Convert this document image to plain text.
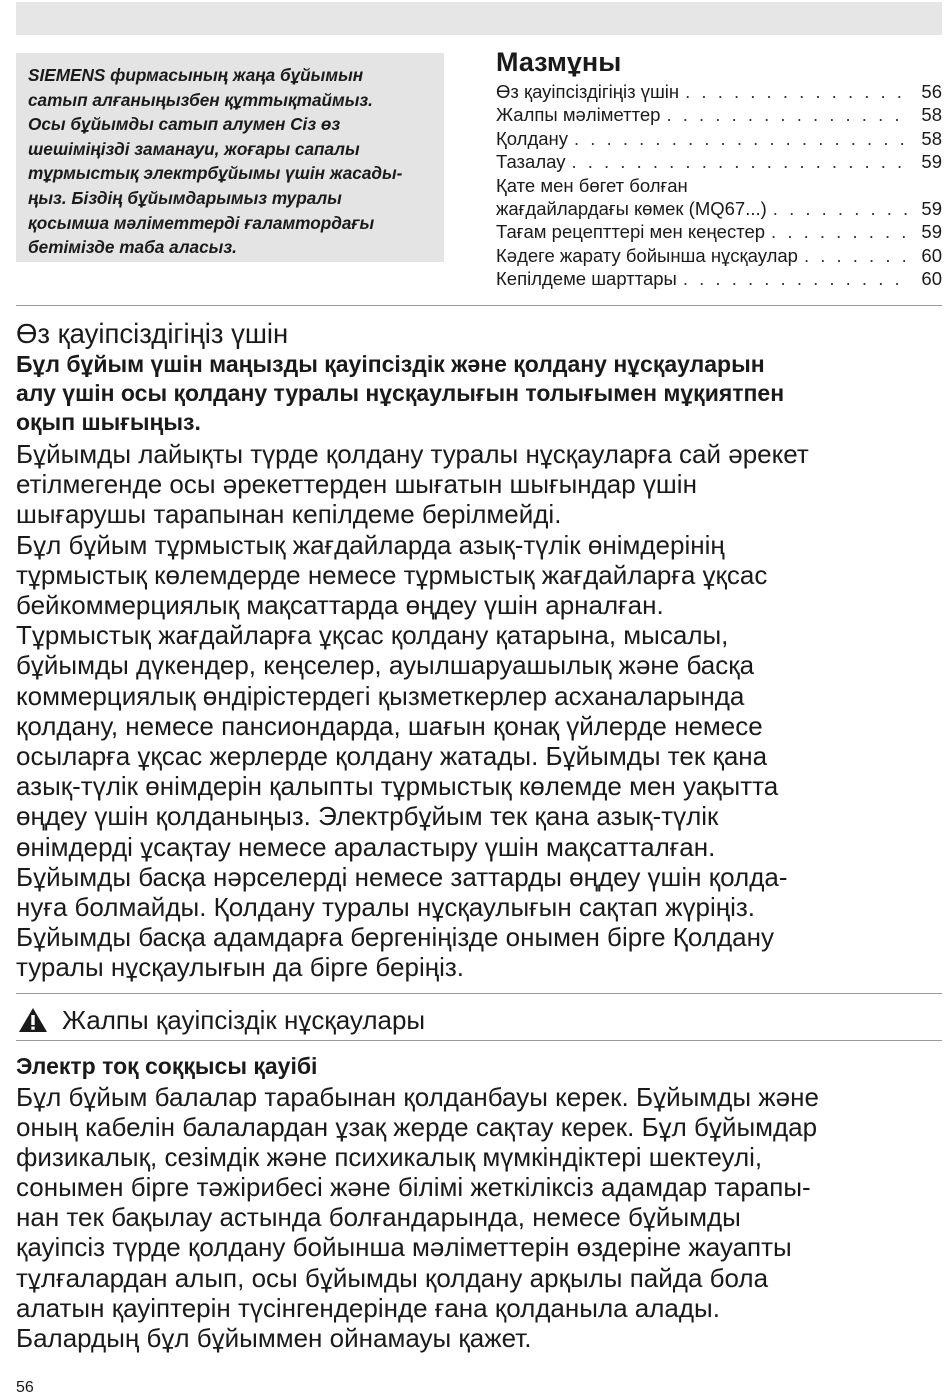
SIEMENS фирмасының жаңа бұйымын
сатып алғаныңызбен құттықтаймыз.
Осы бұйымды сатып алумен Сіз өз
шешіміңізді заманауи, жоғары сапалы
тұрмыстық электрбұйымы үшін жасады-
ңыз. Біздің бұйымдарымыз туралы
қосымша мәліметтерді ғаламтордағы
бетімізде таба аласыз.
Мазмұны
Өз қауіпсіздігіңіз үшін . . .	56
Жалпы мәліметтер . . .	58
Қолдану . . .	58
Тазалау . . .	59
Қате мен бөгет болған
жағдайлардағы көмек (MQ67...) . . .	59
Тағам рецепттері мен кеңестер . . .	59
Кәдеге жарату бойынша нұсқаулар . . .	60
Кепілдеме шарттары . . .	60
Өз қауіпсіздігіңіз үшін
Бұл бұйым үшін маңызды қауіпсіздік және қолдану нұсқауларын
алу үшін осы қолдану туралы нұсқаулығын толығымен мұқиятпен
оқып шығыңыз.
Бұйымды лайықты түрде қолдану туралы нұсқауларға сай әрекет
етілмегенде осы әрекеттерден шығатын шығындар үшін
шығарушы тарапынан кепілдеме берілмейді.
Бұл бұйым тұрмыстық жағдайларда азық-түлік өнімдерінің
тұрмыстық көлемдерде немесе тұрмыстық жағдайларға ұқсас
бейкоммерциялық мақсаттарда өңдеу үшін арналған.
Тұрмыстық жағдайларға ұқсас қолдану қатарына, мысалы,
бұйымды дүкендер, кеңселер, ауылшаруашылық және басқа
коммерциялық өндірістердегі қызметкерлер асханаларында
қолдану, немесе пансиондарда, шағын қонақ үйлерде немесе
осыларға ұқсас жерлерде қолдану жатады. Бұйымды тек қана
азық-түлік өнімдерін қалыпты тұрмыстық көлемде мен уақытта
өңдеу үшін қолданыңыз. Электрбұйым тек қана азық-түлік
өнімдерді ұсақтау немесе араластыру үшін мақсатталған.
Бұйымды басқа нәрселерді немесе заттарды өңдеу үшін қолда-
нуға болмайды. Қолдану туралы нұсқаулығын сақтап жүріңіз.
Бұйымды басқа адамдарға бергеніңізде онымен бірге Қолдану
туралы нұсқаулығын да бірге беріңіз.
Жалпы қауіпсіздік нұсқаулары
Электр тоқ соққысы қауібі
Бұл бұйым балалар тарабынан қолданбауы керек. Бұйымды және
оның кабелін балалардан ұзақ жерде сақтау керек. Бұл бұйымдар
физикалық, сезімдік және психикалық мүмкіндіктері шектеулі,
сонымен бірге тәжірибесі және білімі жеткіліксіз адамдар тарапы-
нан тек бақылау астында болғандарында, немесе бұйымды
қауіпсіз түрде қолдану бойынша мәліметтерін өздеріне жауапты
тұлғалардан алып, осы бұйымды қолдану арқылы пайда бола
алатын қауіптерін түсінгендерінде ғана қолданыла алады.
Балардың бұл бұйыммен ойнамауы қажет.
56
